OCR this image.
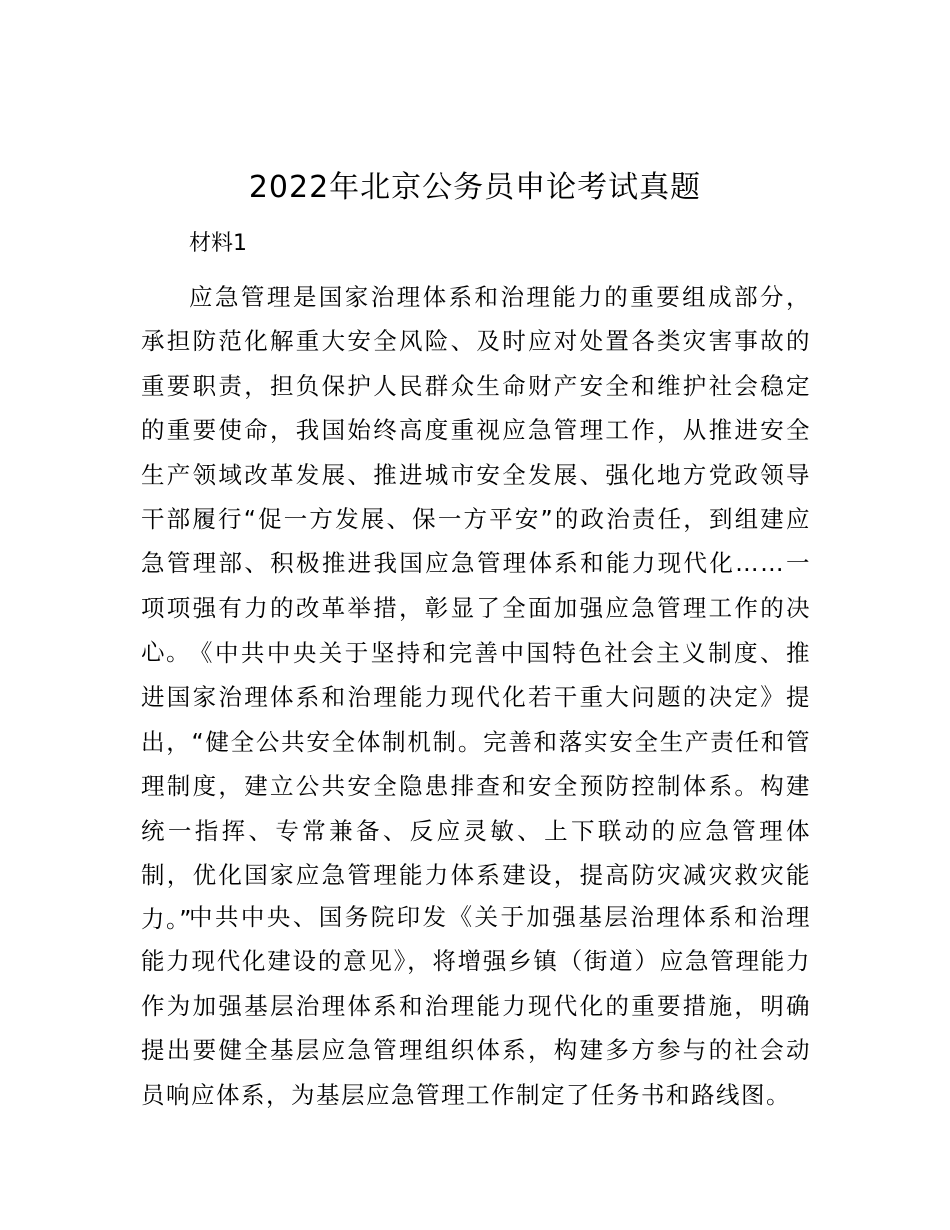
2022年北京公务员申论考试真题

材料1

应急管理是国家治理体系和治理能力的重要组成部分，承担防范化解重大安全风险、及时应对处置各类灾害事故的重要职责，担负保护人民群众生命财产安全和维护社会稳定的重要使命，我国始终高度重视应急管理工作，从推进安全生产领域改革发展、推进城市安全发展、强化地方党政领导干部履行“促一方发展、保一方平安”的政治责任，到组建应急管理部、积极推进我国应急管理体系和能力现代化……一项项强有力的改革举措，彰显了全面加强应急管理工作的决心。

《中共中央关于坚持和完善中国特色社会主义制度、推进国家治理体系和治理能力现代化若干重大问题的决定》提出，“健全公共安全体制机制。完善和落实安全生产责任和管理制度，建立公共安全隐患排查和安全预防控制体系。构建统一指挥、专常兼备、反应灵敏、上下联动的应急管理体制，优化国家应急管理能力体系建设，提高防灾减灾救灾能力。”

中共中央、国务院印发《关于加强基层治理体系和治理能力现代化建设的意见》，将增强乡镇（街道）应急管理能力作为加强基层治理体系和治理能力现代化的重要措施，明确提出要健全基层应急管理组织体系，构建多方参与的社会动员响应体系，为基层应急管理工作制定了任务书和路线图。
